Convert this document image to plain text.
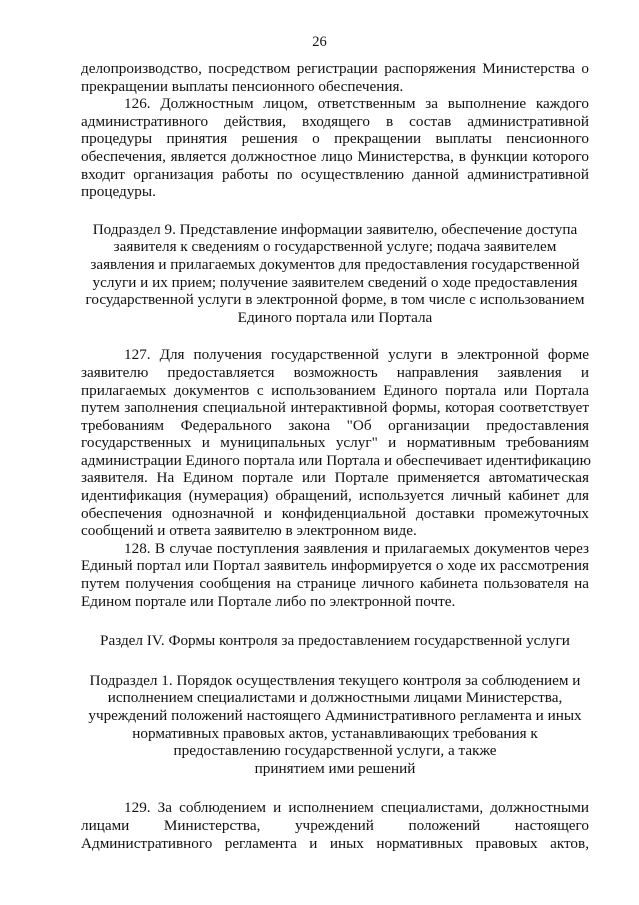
26
делопроизводство, посредством регистрации распоряжения Министерства о
прекращении выплаты пенсионного обеспечения.
126. Должностным лицом, ответственным за выполнение каждого
административного действия, входящего в состав административной
процедуры принятия решения о прекращении выплаты пенсионного
обеспечения, является должностное лицо Министерства, в функции которого
входит организация работы по осуществлению данной административной
процедуры.
Подраздел 9. Представление информации заявителю, обеспечение доступа
заявителя к сведениям о государственной услуге; подача заявителем
заявления и прилагаемых документов для предоставления государственной
услуги и их прием; получение заявителем сведений о ходе предоставления
государственной услуги в электронной форме, в том числе с использованием
Единого портала или Портала
127. Для получения государственной услуги в электронной форме
заявителю предоставляется возможность направления заявления и
прилагаемых документов с использованием Единого портала или Портала
путем заполнения специальной интерактивной формы, которая соответствует
требованиям Федерального закона "Об организации предоставления
государственных и муниципальных услуг" и нормативным требованиям
администрации Единого портала или Портала и обеспечивает идентификацию
заявителя. На Едином портале или Портале применяется автоматическая
идентификация (нумерация) обращений, используется личный кабинет для
обеспечения однозначной и конфиденциальной доставки промежуточных
сообщений и ответа заявителю в электронном виде.
128. В случае поступления заявления и прилагаемых документов через
Единый портал или Портал заявитель информируется о ходе их рассмотрения
путем получения сообщения на странице личного кабинета пользователя на
Едином портале или Портале либо по электронной почте.
Раздел IV. Формы контроля за предоставлением государственной услуги
Подраздел 1. Порядок осуществления текущего контроля за соблюдением и
исполнением специалистами и должностными лицами Министерства,
учреждений положений настоящего Административного регламента и иных
нормативных правовых актов, устанавливающих требования к
предоставлению государственной услуги, а также
принятием ими решений
129. За соблюдением и исполнением специалистами, должностными
лицами Министерства, учреждений положений настоящего
Административного регламента и иных нормативных правовых актов,
